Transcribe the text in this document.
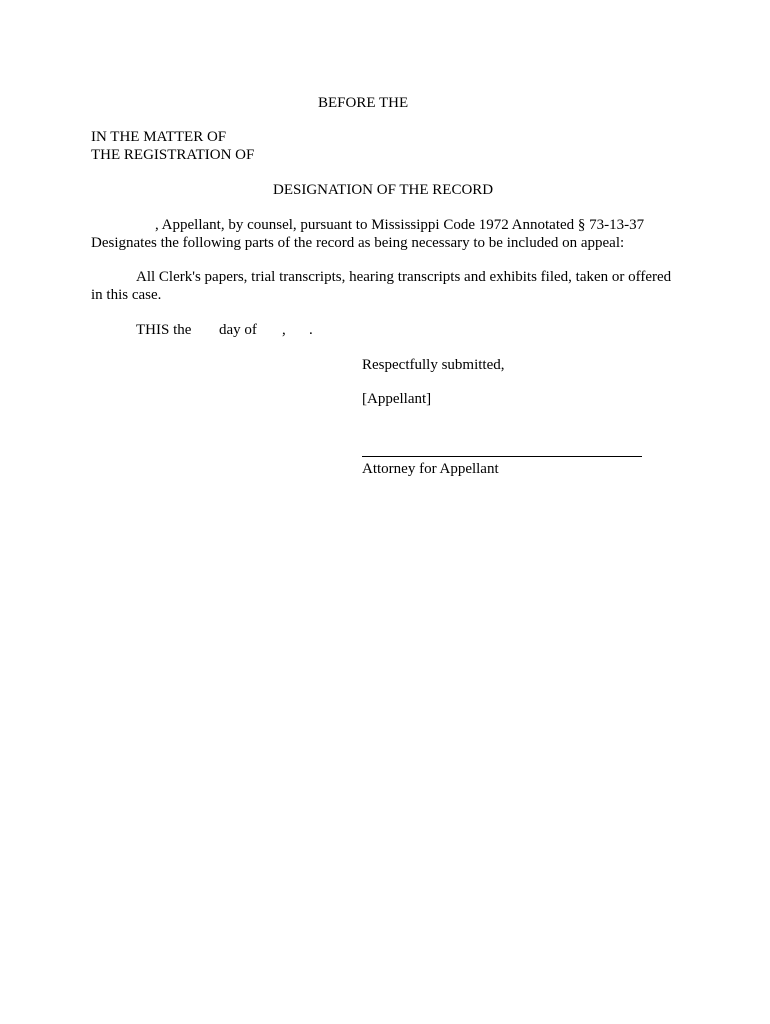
BEFORE THE
IN THE MATTER OF
THE REGISTRATION OF
DESIGNATION OF THE RECORD
, Appellant, by counsel, pursuant to Mississippi Code 1972 Annotated § 73-13-37
Designates the following parts of the record as being necessary to be included on appeal:
All Clerk's papers, trial transcripts, hearing transcripts and exhibits filed, taken or offered
in this case.
THIS the day of , .
Respectfully submitted,
[Appellant]
Attorney for Appellant
